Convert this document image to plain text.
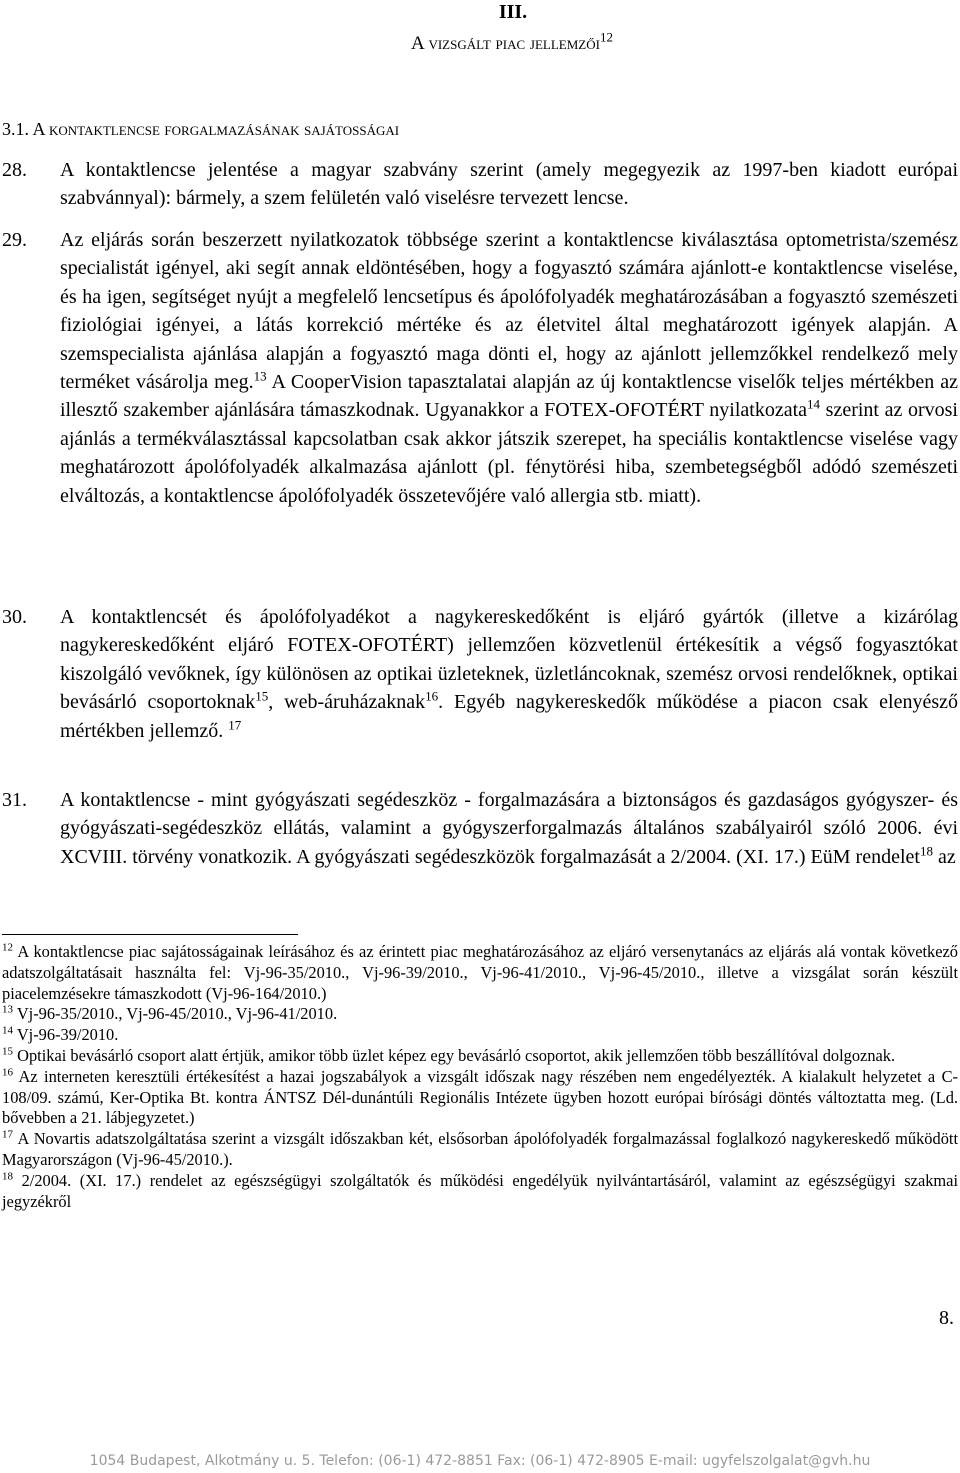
III.
A vizsgált piac jellemzői$^{12}$
3.1. A kontaktlencse forgalmazásának sajátosságai
28.	A kontaktlencse jelentése a magyar szabvány szerint (amely megegyezik az 1997-ben kiadott európai szabvánnyal): bármely, a szem felületén való viselésre tervezett lencse.
29.	Az eljárás során beszerzett nyilatkozatok többsége szerint a kontaktlencse kiválasztása optometrista/szemész specialistát igényel, aki segít annak eldöntésében, hogy a fogyasztó számára ajánlott-e kontaktlencse viselése, és ha igen, segítséget nyújt a megfelelő lencsetípus és ápolófolyadék meghatározásában a fogyasztó szemészeti fiziológiai igényei, a látás korrekció mértéke és az életvitel által meghatározott igények alapján. A szemspecialista ajánlása alapján a fogyasztó maga dönti el, hogy az ajánlott jellemzőkkel rendelkező mely terméket vásárolja meg.$^{13}$ A CooperVision tapasztalatai alapján az új kontaktlencse viselők teljes mértékben az illesztő szakember ajánlására támaszkodnak. Ugyanakkor a FOTEX-OFOTÉRT nyilatkozata$^{14}$ szerint az orvosi ajánlás a termékválasztással kapcsolatban csak akkor játszik szerepet, ha speciális kontaktlencse viselése vagy meghatározott ápolófolyadék alkalmazása ajánlott (pl. fénytörési hiba, szembetegségből adódó szemészeti elváltozás, a kontaktlencse ápolófolyadék összetevőjére való allergia stb. miatt).
30.	A kontaktlencsét és ápolófolyadékot a nagykereskedőként is eljáró gyártók (illetve a kizárólag nagykereskedőként eljáró FOTEX-OFOTÉRT) jellemzően közvetlenül értékesítik a végső fogyasztókat kiszolgáló vevőknek, így különösen az optikai üzleteknek, üzletláncoknak, szemész orvosi rendelőknek, optikai bevásárló csoportoknak$^{15}$, web-áruházaknak$^{16}$. Egyéb nagykereskedők működése a piacon csak elenyésző mértékben jellemző. $^{17}$
31.	A kontaktlencse - mint gyógyászati segédeszköz - forgalmazására a biztonságos és gazdaságos gyógyszer- és gyógyászati-segédeszköz ellátás, valamint a gyógyszerforgalmazás általános szabályairól szóló 2006. évi XCVIII. törvény vonatkozik. A gyógyászati segédeszközök forgalmazását a 2/2004. (XI. 17.) EüM rendelet$^{18}$ az

$^{12}$ A kontaktlencse piac sajátosságainak leírásához és az érintett piac meghatározásához az eljáró versenytanács az eljárás alá vontak következő adatszolgáltatásait használta fel: Vj-96-35/2010., Vj-96-39/2010., Vj-96-41/2010., Vj-96-45/2010., illetve a vizsgálat során készült piacelemzésekre támaszkodott (Vj-96-164/2010.)

$^{13}$ Vj-96-35/2010., Vj-96-45/2010., Vj-96-41/2010.

$^{14}$ Vj-96-39/2010.

$^{15}$ Optikai bevásárló csoport alatt értjük, amikor több üzlet képez egy bevásárló csoportot, akik jellemzően több beszállítóval dolgoznak.

$^{16}$ Az interneten keresztüli értékesítést a hazai jogszabályok a vizsgált időszak nagy részében nem engedélyezték. A kialakult helyzetet a C-108/09. számú, Ker-Optika Bt. kontra ÁNTSZ Dél-dunántúli Regionális Intézete ügyben hozott európai bírósági döntés változtatta meg. (Ld. bővebben a 21. lábjegyzetet.)

$^{17}$ A Novartis adatszolgáltatása szerint a vizsgált időszakban két, elsősorban ápolófolyadék forgalmazással foglalkozó nagykereskedő működött Magyarországon (Vj-96-45/2010.).

$^{18}$ 2/2004. (XI. 17.) rendelet az egészségügyi szolgáltatók és működési engedélyük nyilvántartásáról, valamint az egészségügyi szakmai jegyzékről

8.
1054 Budapest, Alkotmány u. 5. Telefon: (06-1) 472-8851 Fax: (06-1) 472-8905 E-mail: ugyfelszolgalat@gvh.hu
